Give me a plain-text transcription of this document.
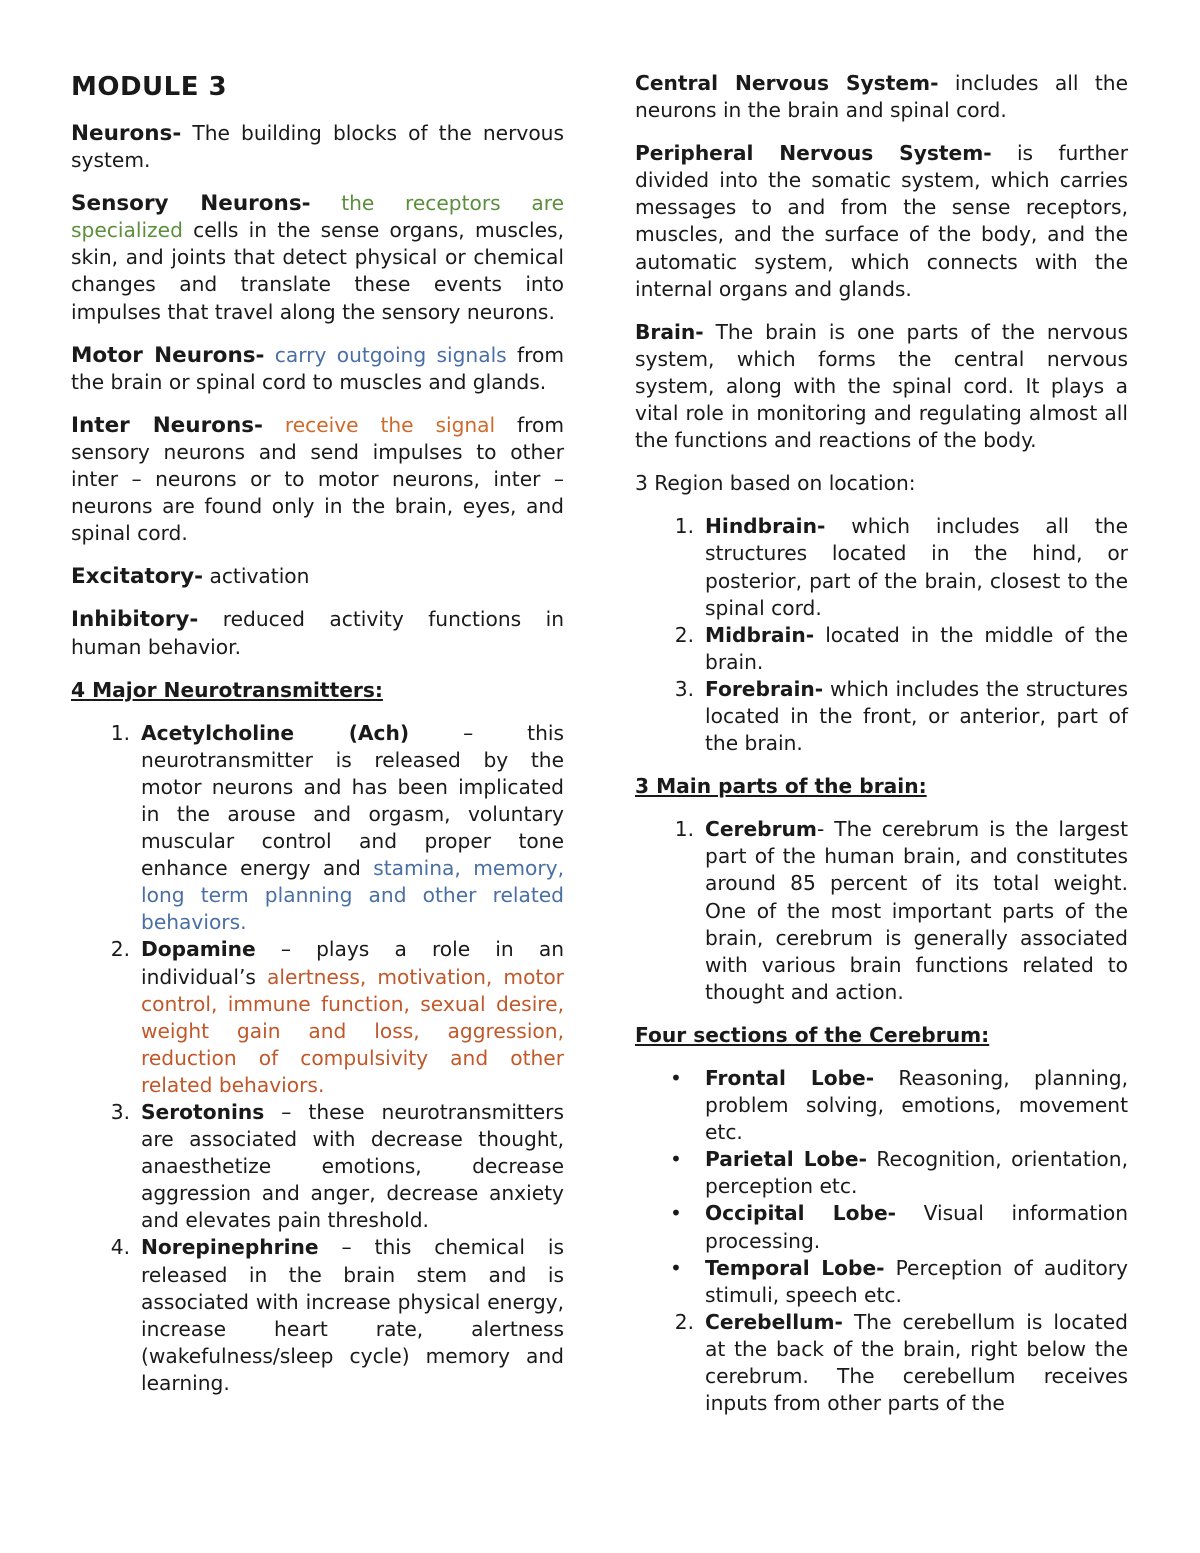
MODULE 3

Neurons- The building blocks of the nervous system.

Sensory Neurons- the receptors are specialized cells in the sense organs, muscles, skin, and joints that detect physical or chemical changes and translate these events into impulses that travel along the sensory neurons.

Motor Neurons- carry outgoing signals from the brain or spinal cord to muscles and glands.

Inter Neurons- receive the signal from sensory neurons and send impulses to other inter – neurons or to motor neurons, inter – neurons are found only in the brain, eyes, and spinal cord.

Excitatory- activation

Inhibitory- reduced activity functions in human behavior.

4 Major Neurotransmitters:

1. Acetylcholine (Ach) – this neurotransmitter is released by the motor neurons and has been implicated in the arouse and orgasm, voluntary muscular control and proper tone enhance energy and stamina, memory, long term planning and other related behaviors.
2. Dopamine – plays a role in an individual’s alertness, motivation, motor control, immune function, sexual desire, weight gain and loss, aggression, reduction of compulsivity and other related behaviors.
3. Serotonins – these neurotransmitters are associated with decrease thought, anaesthetize emotions, decrease aggression and anger, decrease anxiety and elevates pain threshold.
4. Norepinephrine – this chemical is released in the brain stem and is associated with increase physical energy, increase heart rate, alertness (wakefulness/sleep cycle) memory and learning.

Central Nervous System- includes all the neurons in the brain and spinal cord.

Peripheral Nervous System- is further divided into the somatic system, which carries messages to and from the sense receptors, muscles, and the surface of the body, and the automatic system, which connects with the internal organs and glands.

Brain- The brain is one parts of the nervous system, which forms the central nervous system, along with the spinal cord. It plays a vital role in monitoring and regulating almost all the functions and reactions of the body.

3 Region based on location:

1. Hindbrain- which includes all the structures located in the hind, or posterior, part of the brain, closest to the spinal cord.
2. Midbrain- located in the middle of the brain.
3. Forebrain- which includes the structures located in the front, or anterior, part of the brain.

3 Main parts of the brain:

1. Cerebrum- The cerebrum is the largest part of the human brain, and constitutes around 85 percent of its total weight. One of the most important parts of the brain, cerebrum is generally associated with various brain functions related to thought and action.

Four sections of the Cerebrum:

• Frontal Lobe- Reasoning, planning, problem solving, emotions, movement etc.
• Parietal Lobe- Recognition, orientation, perception etc.
• Occipital Lobe- Visual information processing.
• Temporal Lobe- Perception of auditory stimuli, speech etc.
2. Cerebellum- The cerebellum is located at the back of the brain, right below the cerebrum. The cerebellum receives inputs from other parts of the
